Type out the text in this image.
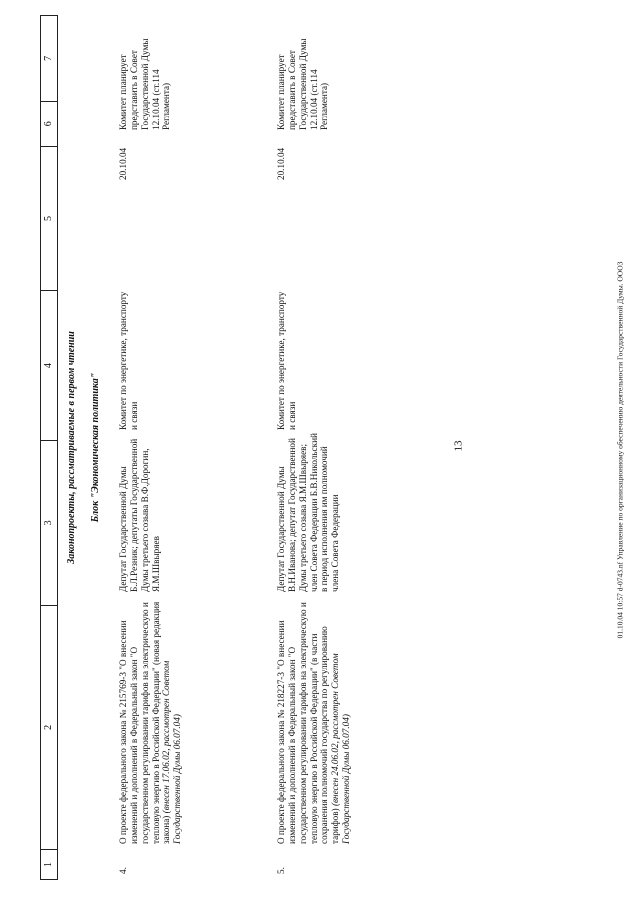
13
1
2
3
4
5
6
7
Законопроекты, рассматриваемые в первом чтении Блок "Экономическая политика"
4.
О проекте федерального закона № 215769-3 "О внесении изменений и дополнений в Федеральный закон "О государственном регулировании тарифов на электрическую и тепловую энергию в Российской Федерации" (новая редакция закона) (внесен 17.06.02, рассмотрен Советом Государственной Думы 06.07.04)
Депутат Государственной Думы Б.Л.Резник; депутаты Государственной Думы третьего созыва В.Ф.Дорогин, Я.М.Швыряев
Комитет по энергетике, транспорту и связи
20.10.04
Комитет планирует представить в Совет Государственной Думы 12.10.04 (ст.114 Регламента)
5.
О проекте федерального закона № 218227-3 "О внесении изменений и дополнений в Федеральный закон "О государственном регулировании тарифов на электрическую и тепловую энергию в Российской Федерации" (в части сохранения полномочий государства по регулированию тарифов) (внесен 24.06.02, рассмотрен Советом Государственной Думы 06.07.04)
Депутат Государственной Думы В.Н.Иванова; депутат Государственной Думы третьего созыва Я.М.Швыряев; член Совета Федерации Б.В.Никольский в период исполнения им полномочий члена Совета Федерации
Комитет по энергетике, транспорту и связи
20.10.04
Комитет планирует представить в Совет Государственной Думы 12.10.04 (ст.114 Регламента)
01.10.04 10:57 d-0743.nf Управление по организационному обеспечению деятельности Государственной Думы. ООО3
